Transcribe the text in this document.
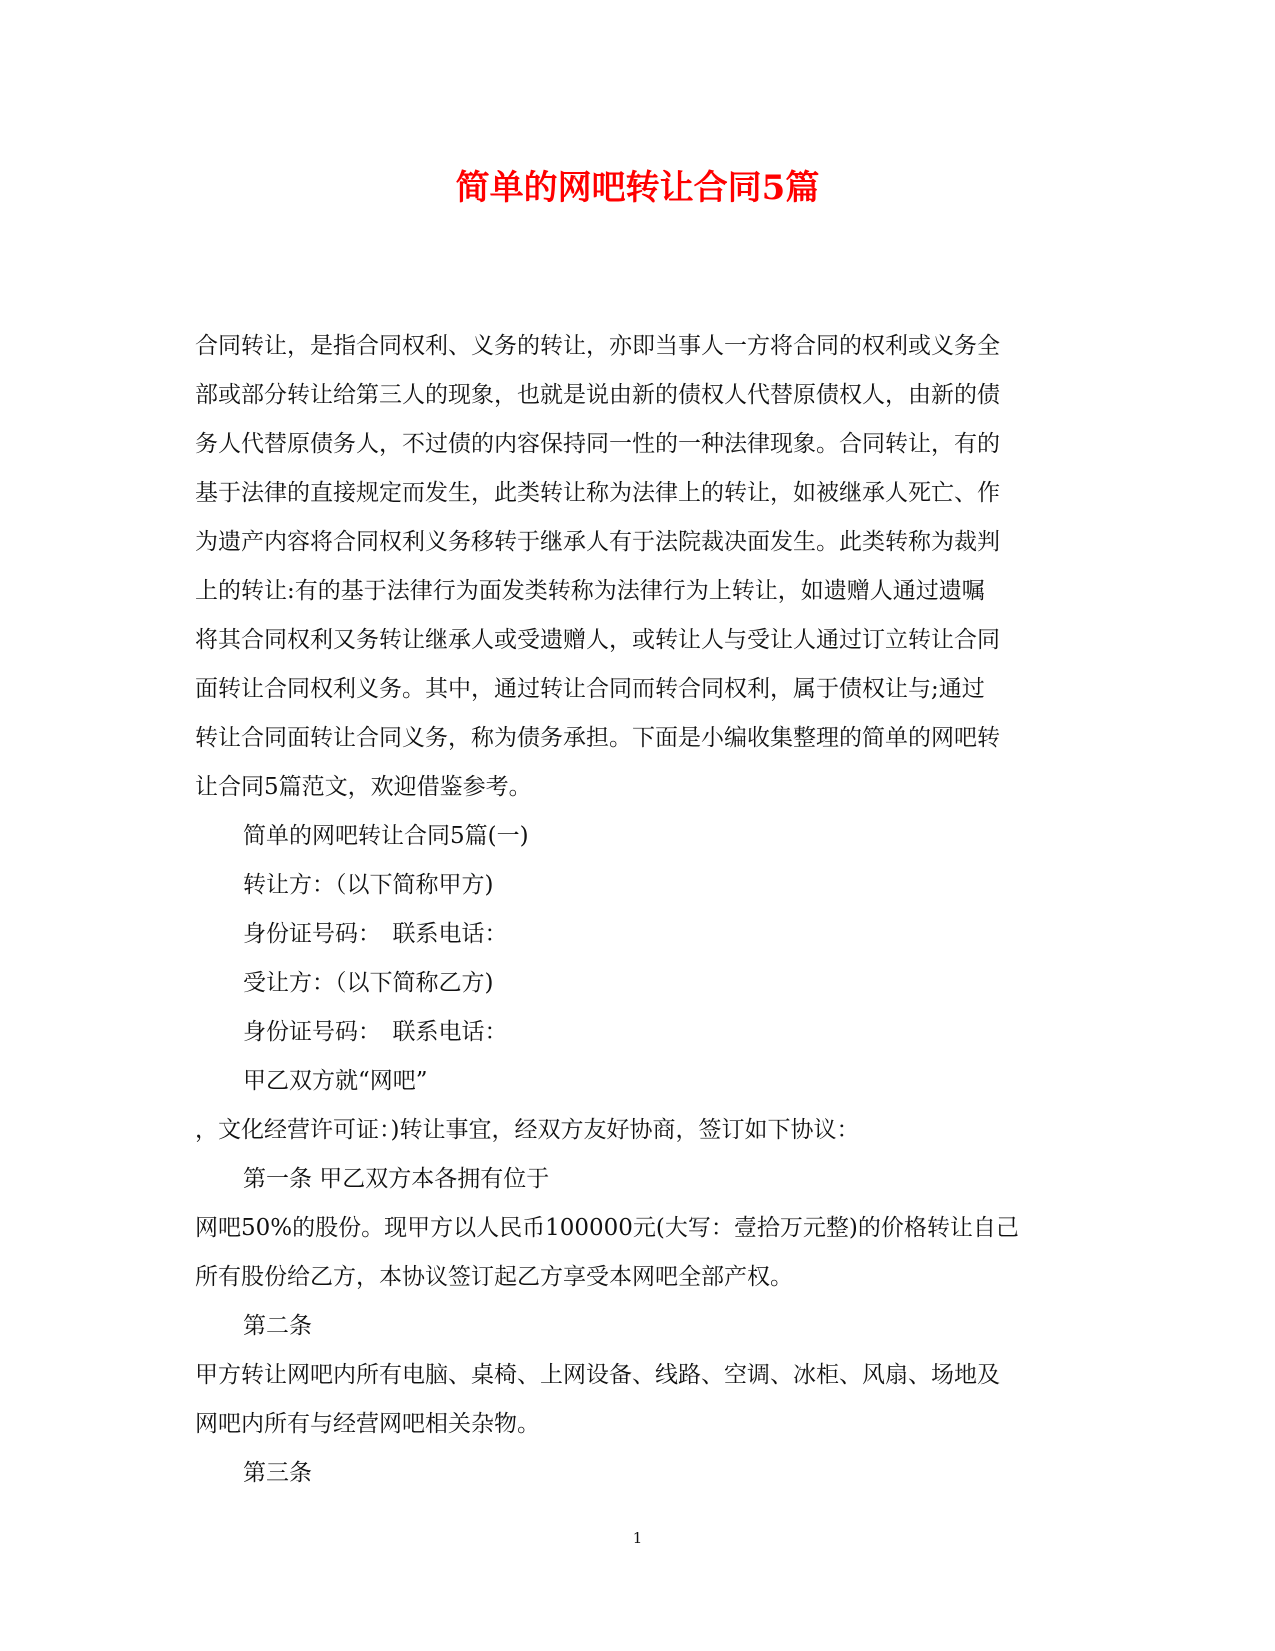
简单的网吧转让合同5篇
合同转让，是指合同权利、义务的转让，亦即当事人一方将合同的权利或义务全
部或部分转让给第三人的现象，也就是说由新的债权人代替原债权人，由新的债
务人代替原债务人，不过债的内容保持同一性的一种法律现象。合同转让，有的
基于法律的直接规定而发生，此类转让称为法律上的转让，如被继承人死亡、作
为遗产内容将合同权利义务移转于继承人有于法院裁决面发生。此类转称为裁判
上的转让:有的基于法律行为面发类转称为法律行为上转让，如遗赠人通过遗嘱
将其合同权利又务转让继承人或受遗赠人，或转让人与受让人通过订立转让合同
面转让合同权利义务。其中，通过转让合同而转合同权利，属于债权让与;通过
转让合同面转让合同义务，称为债务承担。下面是小编收集整理的简单的网吧转
让合同5篇范文，欢迎借鉴参考。
简单的网吧转让合同5篇(一)
转让方：（以下简称甲方)
身份证号码：　联系电话：
受让方：（以下简称乙方)
身份证号码：　联系电话：
甲乙双方就“网吧”
，文化经营许可证：)转让事宜，经双方友好协商，签订如下协议：
第一条 甲乙双方本各拥有位于
网吧50%的股份。现甲方以人民币100000元(大写：壹拾万元整)的价格转让自己
所有股份给乙方，本协议签订起乙方享受本网吧全部产权。
第二条
甲方转让网吧内所有电脑、桌椅、上网设备、线路、空调、冰柜、风扇、场地及
网吧内所有与经营网吧相关杂物。
第三条
1
